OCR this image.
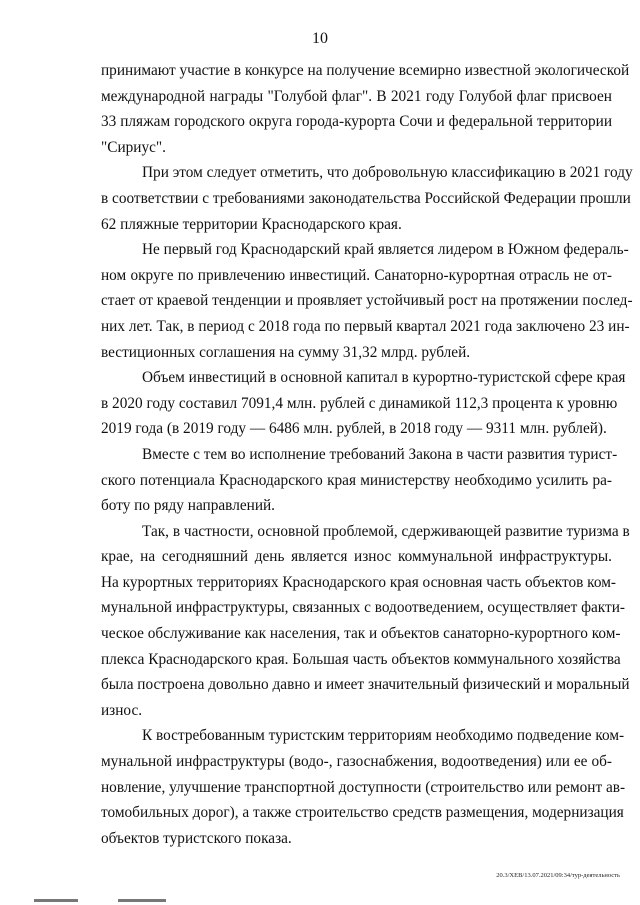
10

принимают участие в конкурсе на получение всемирно известной экологической
международной награды "Голубой флаг". В 2021 году Голубой флаг присвоен
33 пляжам городского округа города-курорта Сочи и федеральной территории
"Сириус".

При этом следует отметить, что добровольную классификацию в 2021 году
в соответствии с требованиями законодательства Российской Федерации прошли
62 пляжные территории Краснодарского края.

Не первый год Краснодарский край является лидером в Южном федераль-
ном округе по привлечению инвестиций. Санаторно-курортная отрасль не от-
стает от краевой тенденции и проявляет устойчивый рост на протяжении послед-
них лет. Так, в период с 2018 года по первый квартал 2021 года заключено 23 ин-
вестиционных соглашения на сумму 31,32 млрд. рублей.

Объем инвестиций в основной капитал в курортно-туристской сфере края
в 2020 году составил 7091,4 млн. рублей с динамикой 112,3 процента к уровню
2019 года (в 2019 году — 6486 млн. рублей, в 2018 году — 9311 млн. рублей).

Вместе с тем во исполнение требований Закона в части развития турист-
ского потенциала Краснодарского края министерству необходимо усилить ра-
боту по ряду направлений.

Так, в частности, основной проблемой, сдерживающей развитие туризма в
крае, на сегодняшний день является износ коммунальной инфраструктуры.
На курортных территориях Краснодарского края основная часть объектов ком-
мунальной инфраструктуры, связанных с водоотведением, осуществляет факти-
ческое обслуживание как населения, так и объектов санаторно-курортного ком-
плекса Краснодарского края. Большая часть объектов коммунального хозяйства
была построена довольно давно и имеет значительный физический и моральный
износ.

К востребованным туристским территориям необходимо подведение ком-
мунальной инфраструктуры (водо-, газоснабжения, водоотведения) или ее об-
новление, улучшение транспортной доступности (строительство или ремонт ав-
томобильных дорог), а также строительство средств размещения, модернизация
объектов туристского показа.

20.3/ХЕВ/13.07.2021/09:34/тур-деятельность
